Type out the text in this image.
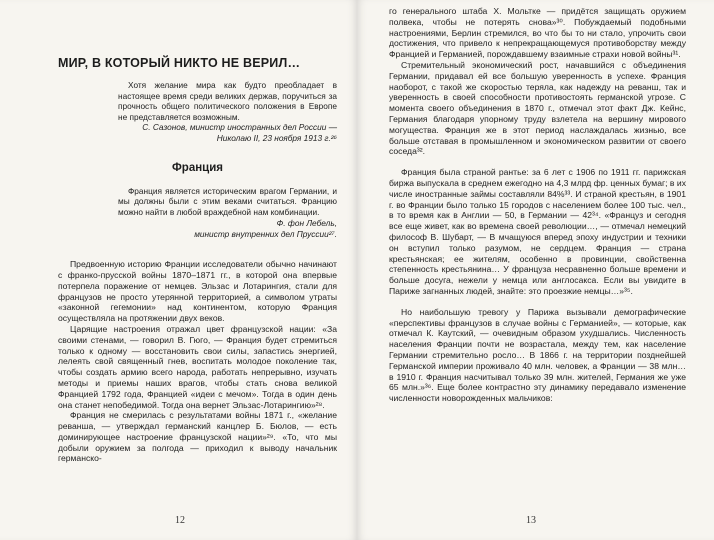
МИР, В КОТОРЫЙ НИКТО НЕ ВЕРИЛ…

Хотя желание мира как будто преобладает в настоящее время среди великих держав, поручиться за прочность общего политического положения в Европе не представляется возможным.

С. Сазонов, министр иностранных дел России —
Николаю II, 23 ноября 1913 г.²⁶
Франция

Франция является историческим врагом Германии, и мы должны были с этим веками считаться. Францию можно найти в любой враждебной нам комбинации.

Ф. фон Лебель,
министр внутренних дел Пруссии²⁷.

Предвоенную историю Франции исследователи обычно начинают с франко-прусской войны 1870–1871 гг., в которой она впервые потерпела поражение от немцев. Эльзас и Лотарингия, стали для французов не просто утерянной территорией, а символом утраты «законной гегемонии» над континентом, которую Франция осуществляла на протяжении двух веков.

Царящие настроения отражал цвет французской нации: «За своими стенами, — говорил В. Гюго, — Франция будет стремиться только к одному — восстановить свои силы, запастись энергией, лелеять свой священный гнев, воспитать молодое поколение так, чтобы создать армию всего народа, работать непрерывно, изучать методы и приемы наших врагов, чтобы стать снова великой Францией 1792 года, Францией «идеи с мечом». Тогда в один день она станет непобедимой. Тогда она вернет Эльзас-Лотарингию»²⁸.

Франция не смерилась с результатами войны 1871 г., «желание реванша, — утверждал германский канцлер Б. Бюлов, — есть доминирующее настроение французской нации»²⁹. «То, что мы добыли оружием за полгода — приходил к выводу начальник германско-

12

го генерального штаба Х. Мольтке — придётся защищать оружием полвека, чтобы не потерять снова»³⁰. Побуждаемый подобными настроениями, Берлин стремился, во что бы то ни стало, упрочить свои достижения, что привело к непрекращающемуся противоборству между Францией и Германией, порождавшему взаимные страхи новой войны³¹.

Стремительный экономический рост, начавшийся с объединения Германии, придавал ей все большую уверенность в успехе. Франция наоборот, с такой же скоростью теряла, как надежду на реванш, так и уверенность в своей способности противостоять германской угрозе. С момента своего объединения в 1870 г., отмечал этот факт Дж. Кейнс, Германия благодаря упорному труду взлетела на вершину мирового могущества. Франция же в этот период наслаждалась жизнью, все больше отставая в промышленном и экономическом развитии от своего соседа³².

Франция была страной рантье: за 6 лет с 1906 по 1911 гг. парижская биржа выпускала в среднем ежегодно на 4,3 млрд фр. ценных бумаг; в их числе иностранные займы составляли 84%³³. И страной крестьян, в 1901 г. во Франции было только 15 городов с населением более 100 тыс. чел., в то время как в Англии — 50, в Германии — 42³⁴. «Француз и сегодня все еще живет, как во времена своей революции…, — отмечал немецкий философ В. Шубарт, — В мчащуюся вперед эпоху индустрии и техники он вступил только разумом, не сердцем. Франция — страна крестьянская; ее жителям, особенно в провинции, свойственна степенность крестьянина… У француза несравненно больше времени и больше досуга, нежели у немца или англосакса. Если вы увидите в Париже загнанных людей, знайте: это проезжие немцы…»³⁵.

Но наибольшую тревогу у Парижа вызывали демографические «перспективы французов в случае войны с Германией», — которые, как отмечал К. Каутский, — очевидным образом ухудшались. Численность населения Франции почти не возрастала, между тем, как население Германии стремительно росло… В 1866 г. на территории позднейшей Германской империи проживало 40 млн. человек, а Франции — 38 млн… в 1910 г. Франция насчитывал только 39 млн. жителей, Германия же уже 65 млн.»³⁶. Еще более контрастно эту динамику передавало изменение численности новорожденных мальчиков:

13
